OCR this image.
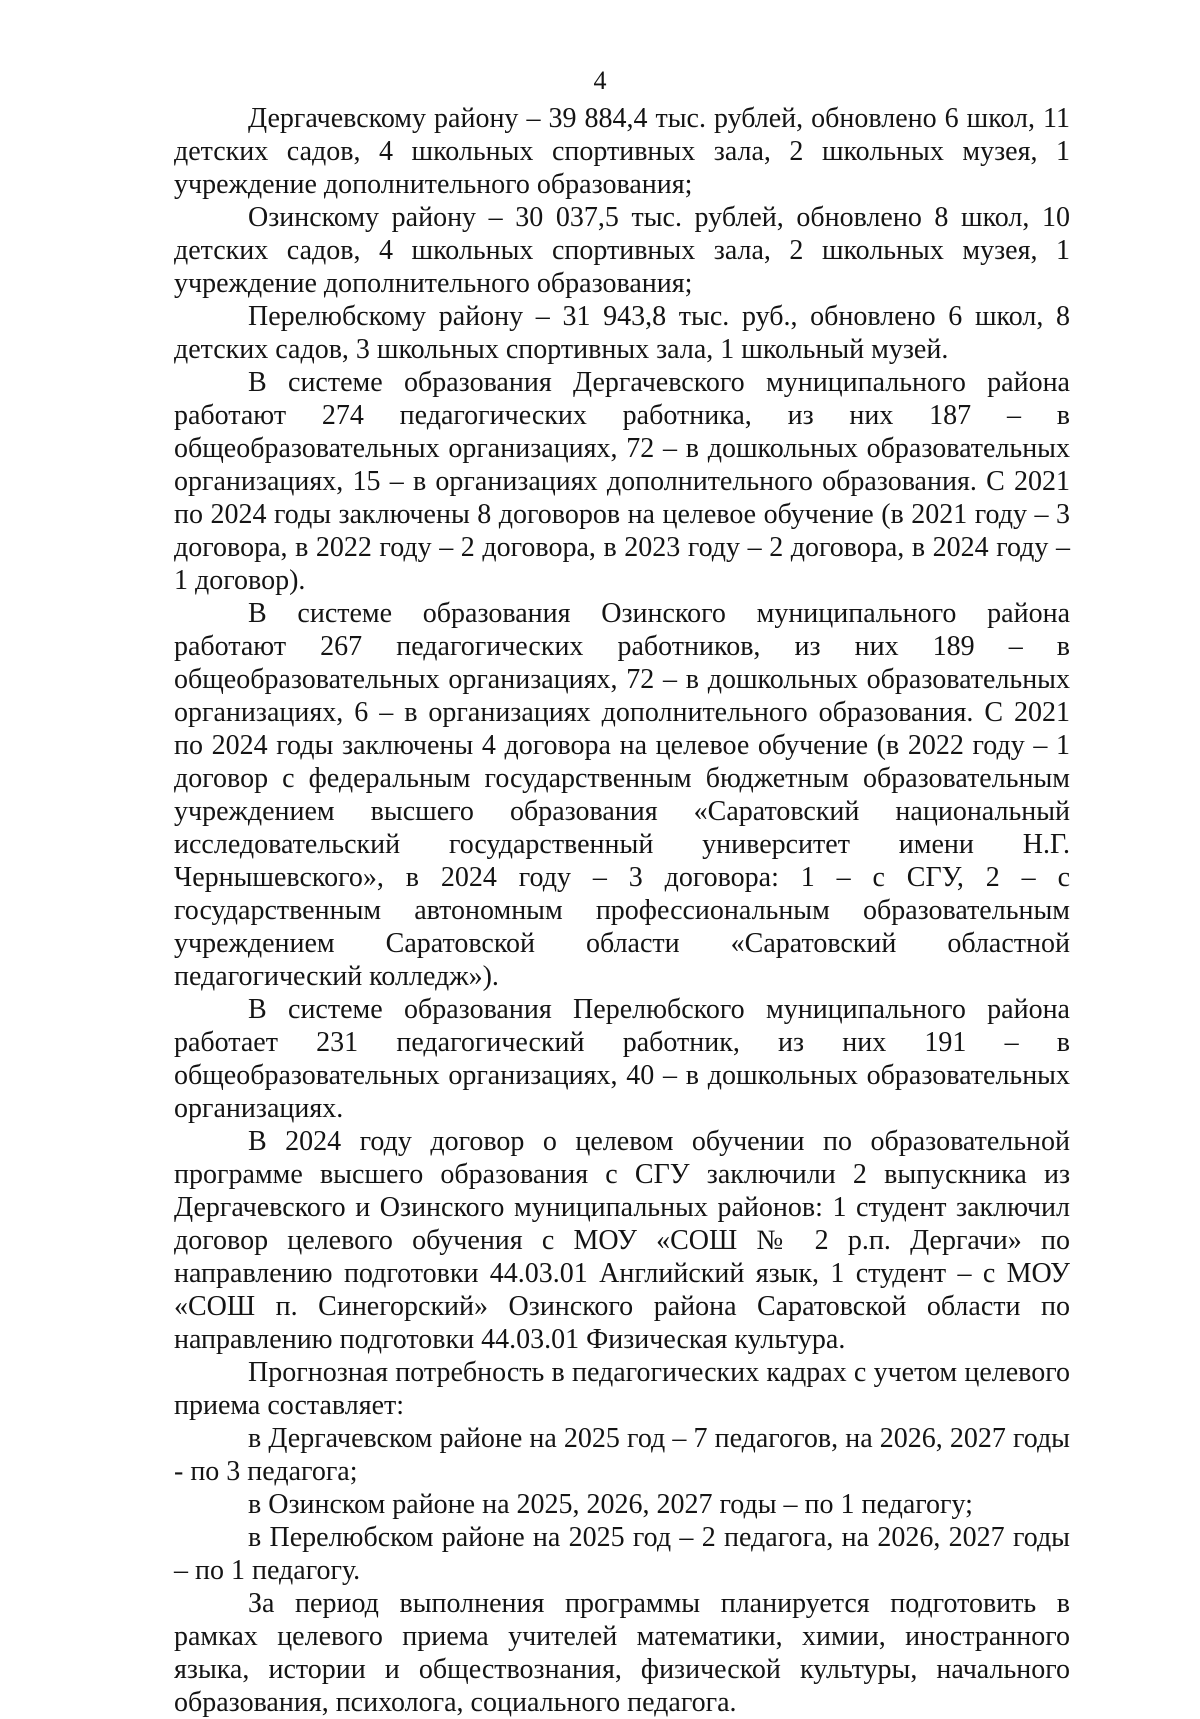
4

Дергачевскому району – 39 884,4 тыс. рублей, обновлено 6 школ, 11 детских садов, 4 школьных спортивных зала, 2 школьных музея, 1 учреждение дополнительного образования;

Озинскому району – 30 037,5 тыс. рублей, обновлено 8 школ, 10 детских садов, 4 школьных спортивных зала, 2 школьных музея, 1 учреждение дополнительного образования;

Перелюбскому району – 31 943,8 тыс. руб., обновлено 6 школ, 8 детских садов, 3 школьных спортивных зала, 1 школьный музей.

В системе образования Дергачевского муниципального района работают 274 педагогических работника, из них 187 – в общеобразовательных организациях, 72 – в дошкольных образовательных организациях, 15 – в организациях дополнительного образования. С 2021 по 2024 годы заключены 8 договоров на целевое обучение (в 2021 году – 3 договора, в 2022 году – 2 договора, в 2023 году – 2 договора, в 2024 году – 1 договор).

В системе образования Озинского муниципального района работают 267 педагогических работников, из них 189 – в общеобразовательных организациях, 72 – в дошкольных образовательных организациях, 6 – в организациях дополнительного образования. С 2021 по 2024 годы заключены 4 договора на целевое обучение (в 2022 году – 1 договор с федеральным государственным бюджетным образовательным учреждением высшего образования «Саратовский национальный исследовательский государственный университет имени Н.Г. Чернышевского», в 2024 году – 3 договора: 1 – с СГУ, 2 – с государственным автономным профессиональным образовательным учреждением Саратовской области «Саратовский областной педагогический колледж»).

В системе образования Перелюбского муниципального района работает 231 педагогический работник, из них 191 – в общеобразовательных организациях, 40 – в дошкольных образовательных организациях.

В 2024 году договор о целевом обучении по образовательной программе высшего образования с СГУ заключили 2 выпускника из Дергачевского и Озинского муниципальных районов: 1 студент заключил договор целевого обучения с МОУ «СОШ № 2 р.п. Дергачи» по направлению подготовки 44.03.01 Английский язык, 1 студент – с МОУ «СОШ п. Синегорский» Озинского района Саратовской области по направлению подготовки 44.03.01 Физическая культура.

Прогнозная потребность в педагогических кадрах с учетом целевого приема составляет:

в Дергачевском районе на 2025 год – 7 педагогов, на 2026, 2027 годы - по 3 педагога;

в Озинском районе на 2025, 2026, 2027 годы – по 1 педагогу;

в Перелюбском районе на 2025 год – 2 педагога, на 2026, 2027 годы – по 1 педагогу.

За период выполнения программы планируется подготовить в рамках целевого приема учителей математики, химии, иностранного языка, истории и обществознания, физической культуры, начального образования, психолога, социального педагога.
